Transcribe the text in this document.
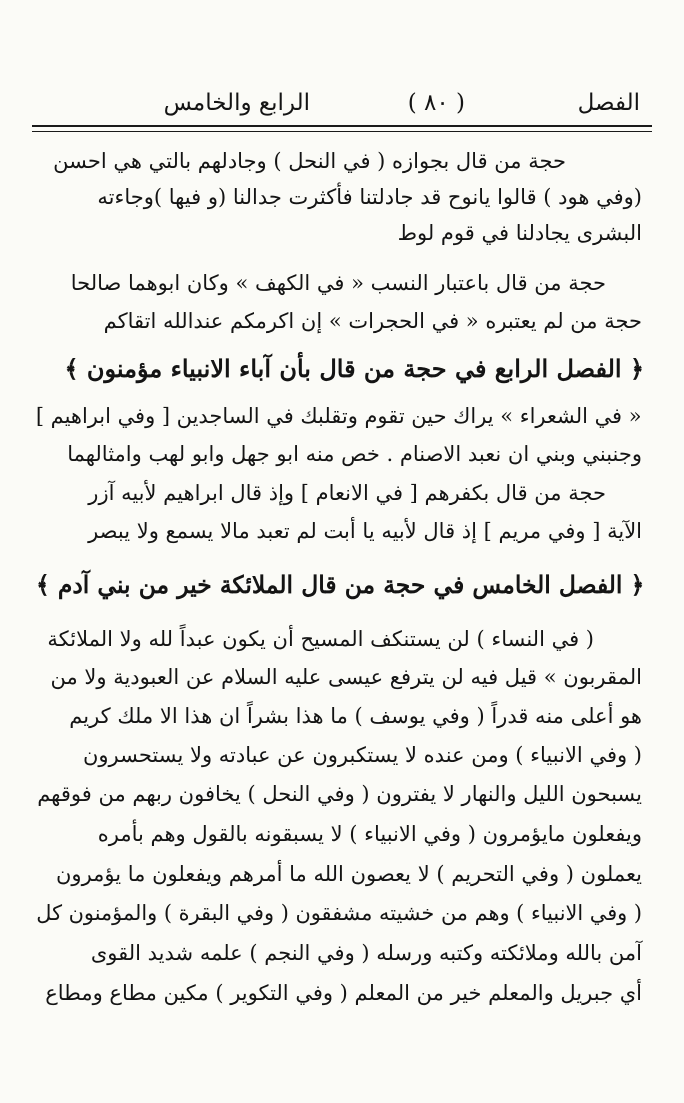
الفصل
( ٨٠ )
الرابع والخامس
حجة من قال بجوازه ( في النحل ) وجادلهم بالتي هي احسن
(وفي هود ) قالوا يانوح قد جادلتنا فأكثرت جدالنا (و فيها )وجاءته
البشرى يجادلنا في قوم لوط
حجة من قال باعتبار النسب « في الكهف » وكان ابوهما صالحا
حجة من لم يعتبره « في الحجرات » إن اكرمكم عندالله اتقاكم
﴿ الفصل الرابع في حجة من قال بأن آباء الانبياء مؤمنون ﴾
« في الشعراء » يراك حين تقوم وتقلبك في الساجدين [ وفي ابراهيم ]
وجنبني وبني ان نعبد الاصنام . خص منه ابو جهل وابو لهب وامثالهما
حجة من قال بكفرهم [ في الانعام ] وإذ قال ابراهيم لأبيه آزر
الآية [ وفي مريم ] إذ قال لأبيه يا أبت لم تعبد مالا يسمع ولا يبصر
﴿ الفصل الخامس في حجة من قال الملائكة خير من بني آدم ﴾
( في النساء ) لن يستنكف المسيح أن يكون عبداً لله ولا الملائكة
المقربون » قيل فيه لن يترفع عيسى عليه السلام عن العبودية ولا من
هو أعلى منه قدراً ( وفي يوسف ) ما هذا بشراً ان هذا الا ملك كريم
( وفي الانبياء ) ومن عنده لا يستكبرون عن عبادته ولا يستحسرون
يسبحون الليل والنهار لا يفترون ( وفي النحل ) يخافون ربهم من فوقهم
ويفعلون مايؤمرون ( وفي الانبياء ) لا يسبقونه بالقول وهم بأمره
يعملون ( وفي التحريم ) لا يعصون الله ما أمرهم ويفعلون ما يؤمرون
( وفي الانبياء ) وهم من خشيته مشفقون ( وفي البقرة ) والمؤمنون كل
آمن بالله وملائكته وكتبه ورسله ( وفي النجم ) علمه شديد القوى
أي جبريل والمعلم خير من المعلم ( وفي التكوير ) مكين مطاع ومطاع
